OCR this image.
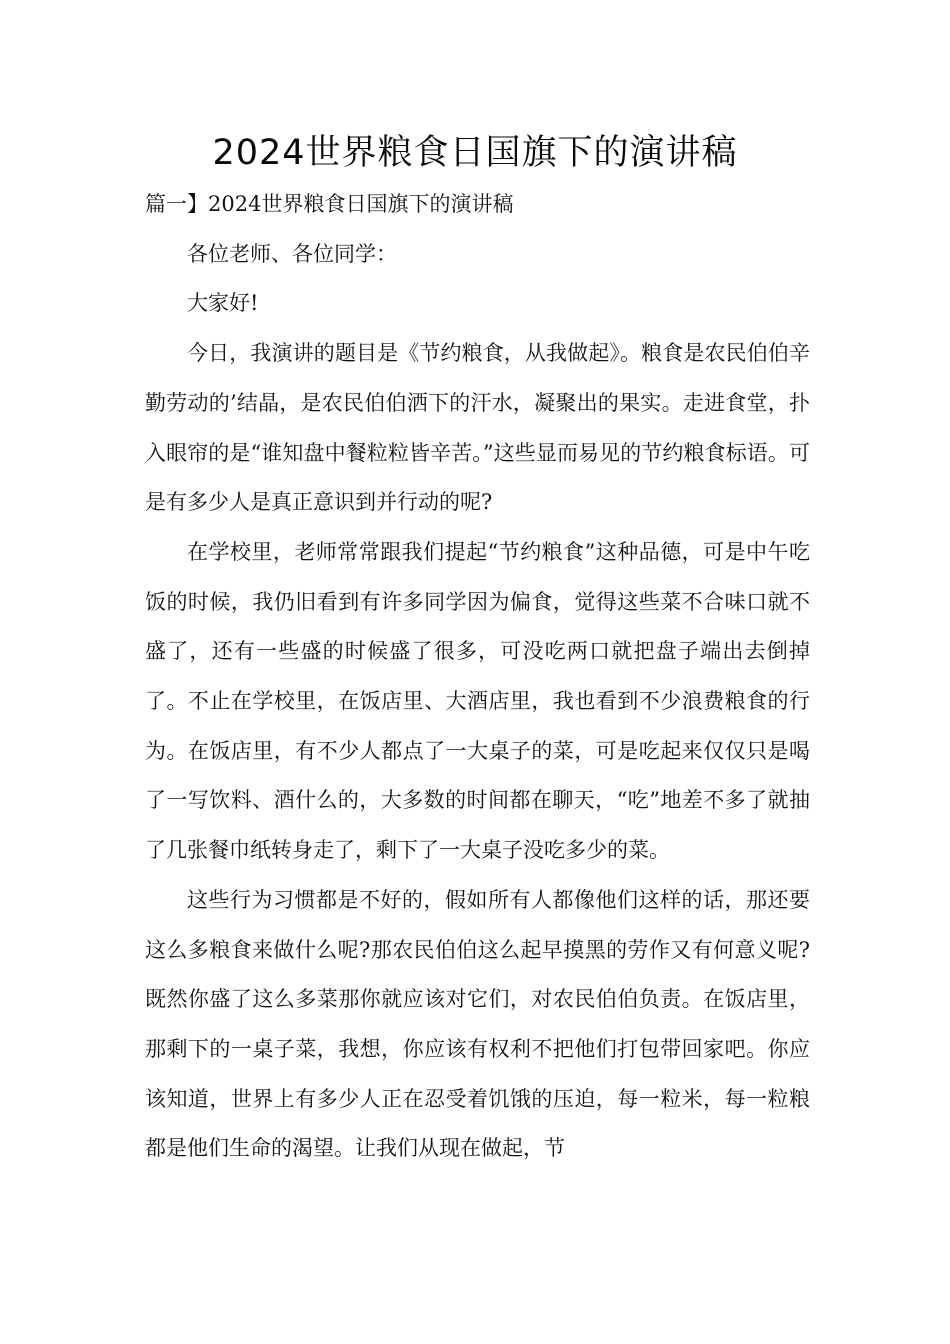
2024世界粮食日国旗下的演讲稿

篇一】2024世界粮食日国旗下的演讲稿

各位老师、各位同学：

大家好!

今日，我演讲的题目是《节约粮食，从我做起》。粮食是农民伯伯辛勤劳动的’结晶，是农民伯伯洒下的汗水，凝聚出的果实。走进食堂，扑入眼帘的是“谁知盘中餐粒粒皆辛苦。”这些显而易见的节约粮食标语。可是有多少人是真正意识到并行动的呢?

在学校里，老师常常跟我们提起“节约粮食”这种品德，可是中午吃饭的时候，我仍旧看到有许多同学因为偏食，觉得这些菜不合味口就不盛了，还有一些盛的时候盛了很多，可没吃两口就把盘子端出去倒掉了。不止在学校里，在饭店里、大酒店里，我也看到不少浪费粮食的行为。在饭店里，有不少人都点了一大桌子的菜，可是吃起来仅仅只是喝了一写饮料、酒什么的，大多数的时间都在聊天，“吃”地差不多了就抽了几张餐巾纸转身走了，剩下了一大桌子没吃多少的菜。

这些行为习惯都是不好的，假如所有人都像他们这样的话，那还要这么多粮食来做什么呢?那农民伯伯这么起早摸黑的劳作又有何意义呢?既然你盛了这么多菜那你就应该对它们，对农民伯伯负责。在饭店里，那剩下的一桌子菜，我想，你应该有权利不把他们打包带回家吧。你应该知道，世界上有多少人正在忍受着饥饿的压迫，每一粒米，每一粒粮都是他们生命的渴望。让我们从现在做起，节
